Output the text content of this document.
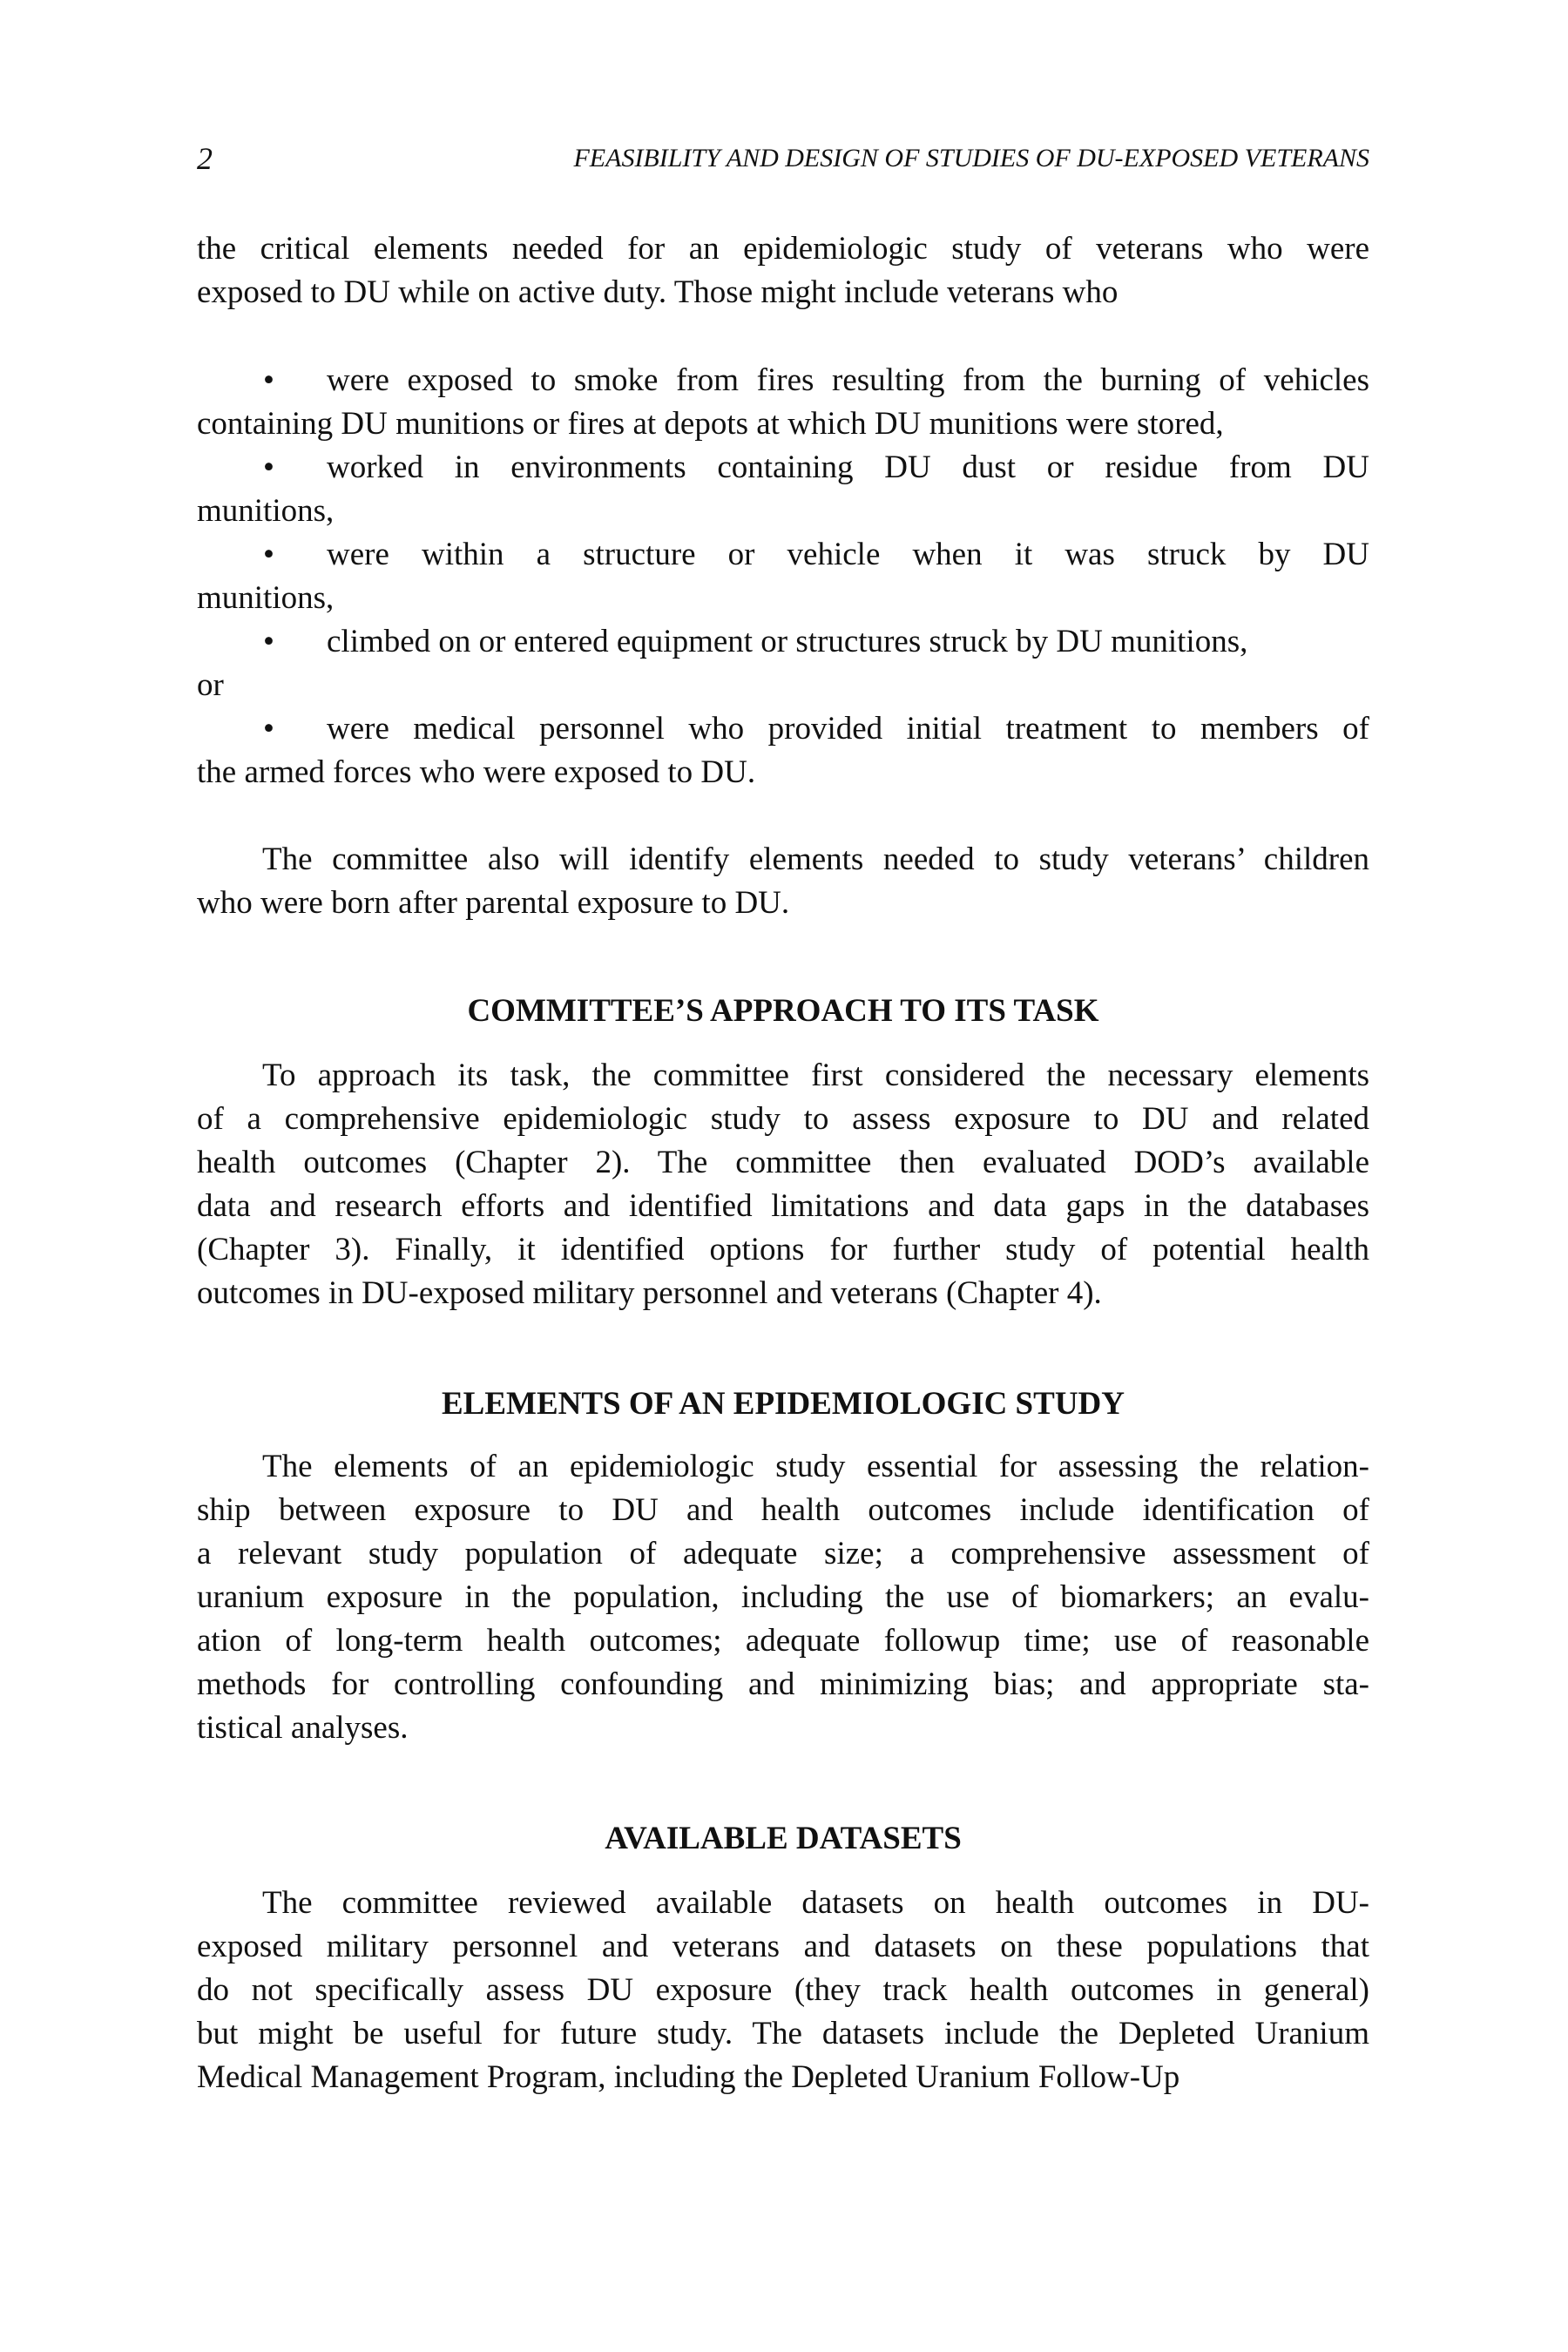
2	FEASIBILITY AND DESIGN OF STUDIES OF DU-EXPOSED VETERANS
the critical elements needed for an epidemiologic study of veterans who were
exposed to DU while on active duty. Those might include veterans who
• were exposed to smoke from fires resulting from the burning of vehicles
containing DU munitions or fires at depots at which DU munitions were stored,
• worked in environments containing DU dust or residue from DU
munitions,
• were within a structure or vehicle when it was struck by DU
munitions,
• climbed on or entered equipment or structures struck by DU munitions,
or
• were medical personnel who provided initial treatment to members of
the armed forces who were exposed to DU.
The committee also will identify elements needed to study veterans’ children
who were born after parental exposure to DU.
COMMITTEE’S APPROACH TO ITS TASK
To approach its task, the committee first considered the necessary elements
of a comprehensive epidemiologic study to assess exposure to DU and related
health outcomes (Chapter 2). The committee then evaluated DOD’s available
data and research efforts and identified limitations and data gaps in the databases
(Chapter 3). Finally, it identified options for further study of potential health
outcomes in DU-exposed military personnel and veterans (Chapter 4).
ELEMENTS OF AN EPIDEMIOLOGIC STUDY
The elements of an epidemiologic study essential for assessing the relation-
ship between exposure to DU and health outcomes include identification of
a relevant study population of adequate size; a comprehensive assessment of
uranium exposure in the population, including the use of biomarkers; an evalu-
ation of long-term health outcomes; adequate followup time; use of reasonable
methods for controlling confounding and minimizing bias; and appropriate sta-
tistical analyses.
AVAILABLE DATASETS
The committee reviewed available datasets on health outcomes in DU-
exposed military personnel and veterans and datasets on these populations that
do not specifically assess DU exposure (they track health outcomes in general)
but might be useful for future study. The datasets include the Depleted Uranium
Medical Management Program, including the Depleted Uranium Follow-Up
